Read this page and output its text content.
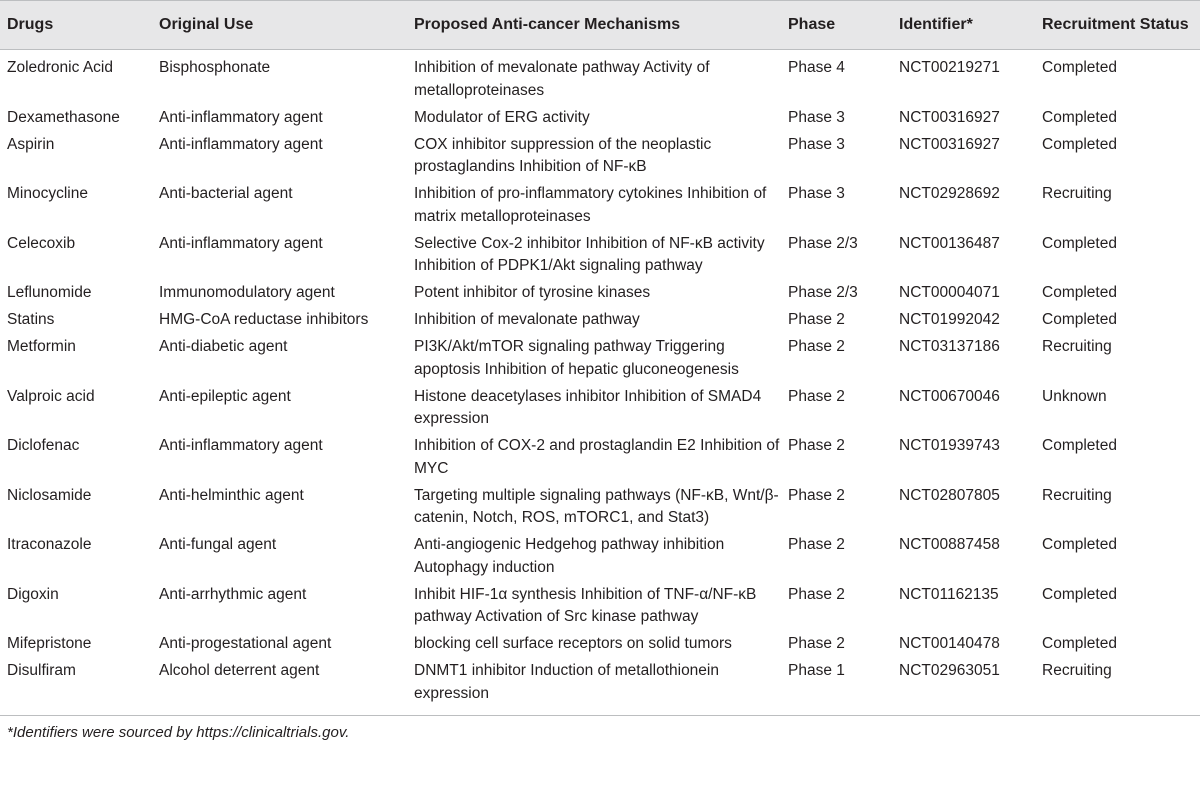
Drugs	Original Use	Proposed Anti-cancer Mechanisms	Phase	Identifier*	Recruitment Status
Zoledronic Acid	Bisphosphonate	Inhibition of mevalonate pathway Activity of metalloproteinases	Phase 4	NCT00219271	Completed
Dexamethasone	Anti-inflammatory agent	Modulator of ERG activity	Phase 3	NCT00316927	Completed
Aspirin	Anti-inflammatory agent	COX inhibitor suppression of the neoplastic prostaglandins Inhibition of NF-κB	Phase 3	NCT00316927	Completed
Minocycline	Anti-bacterial agent	Inhibition of pro-inflammatory cytokines Inhibition of matrix metalloproteinases	Phase 3	NCT02928692	Recruiting
Celecoxib	Anti-inflammatory agent	Selective Cox-2 inhibitor Inhibition of NF-κB activity Inhibition of PDPK1/Akt signaling pathway	Phase 2/3	NCT00136487	Completed
Leflunomide	Immunomodulatory agent	Potent inhibitor of tyrosine kinases	Phase 2/3	NCT00004071	Completed
Statins	HMG-CoA reductase inhibitors	Inhibition of mevalonate pathway	Phase 2	NCT01992042	Completed
Metformin	Anti-diabetic agent	PI3K/Akt/mTOR signaling pathway Triggering apoptosis Inhibition of hepatic gluconeogenesis	Phase 2	NCT03137186	Recruiting
Valproic acid	Anti-epileptic agent	Histone deacetylases inhibitor Inhibition of SMAD4 expression	Phase 2	NCT00670046	Unknown
Diclofenac	Anti-inflammatory agent	Inhibition of COX-2 and prostaglandin E2 Inhibition of MYC	Phase 2	NCT01939743	Completed
Niclosamide	Anti-helminthic agent	Targeting multiple signaling pathways (NF-κB, Wnt/β-catenin, Notch, ROS, mTORC1, and Stat3)	Phase 2	NCT02807805	Recruiting
Itraconazole	Anti-fungal agent	Anti-angiogenic Hedgehog pathway inhibition Autophagy induction	Phase 2	NCT00887458	Completed
Digoxin	Anti-arrhythmic agent	Inhibit HIF-1α synthesis Inhibition of TNF-α/NF-κB pathway Activation of Src kinase pathway	Phase 2	NCT01162135	Completed
Mifepristone	Anti-progestational agent	blocking cell surface receptors on solid tumors	Phase 2	NCT00140478	Completed
Disulfiram	Alcohol deterrent agent	DNMT1 inhibitor Induction of metallothionein expression	Phase 1	NCT02963051	Recruiting
*Identifiers were sourced by https://clinicaltrials.gov.
